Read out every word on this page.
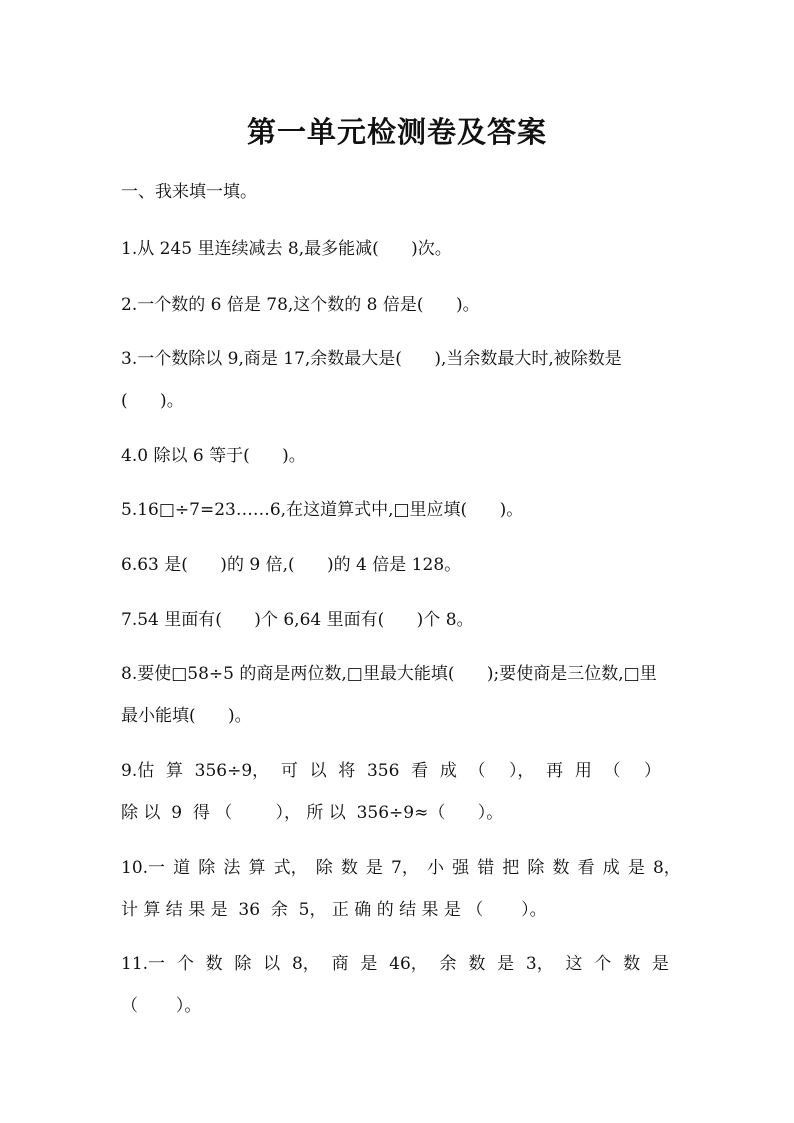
第一单元检测卷及答案
一、我来填一填。
1.从 245 里连续减去 8,最多能减(      )次。
2.一个数的 6 倍是 78,这个数的 8 倍是(      )。
3.一个数除以 9,商是 17,余数最大是(      ),当余数最大时,被除数是
(      )。
4.0 除以 6 等于(      )。
5.16□÷7=23……6,在这道算式中,□里应填(      )。
6.63 是(      )的 9 倍,(      )的 4 倍是 128。
7.54 里面有(      )个 6,64 里面有(      )个 8。
8.要使□58÷5 的商是两位数,□里最大能填(      );要使商是三位数,□里
最小能填(      )。
9.估 算 356÷9， 可 以 将 356 看 成 （ ）， 再 用 （ ）
除 以  9  得 （        ）， 所 以  356÷9≈（      ）。
10.一 道 除 法 算 式， 除 数 是 7， 小 强 错 把 除 数 看 成 是 8，
计 算 结 果 是  36  余  5， 正 确 的 结 果 是 （       ）。
11.一 个 数 除 以 8， 商 是 46， 余 数 是 3， 这 个 数 是
（       ）。
